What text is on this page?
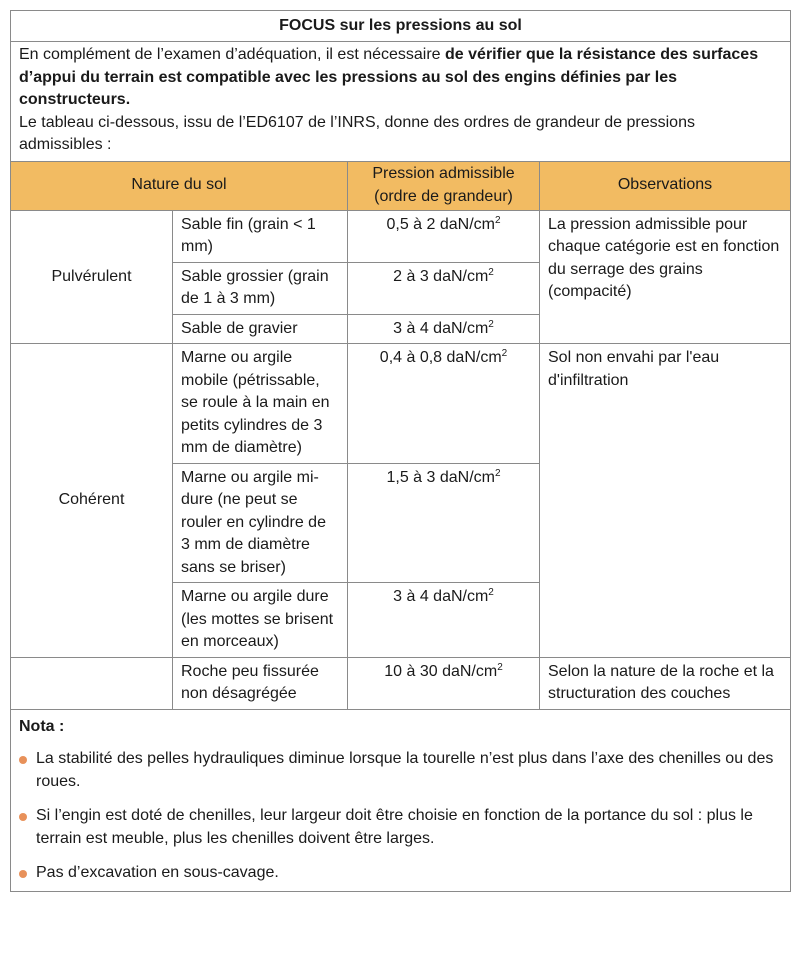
FOCUS sur les pressions au sol			
En complément de l’examen d’adéquation, il est nécessaire de vérifier que la résistance des surfaces d’appui du terrain est compatible avec les pressions au sol des engins définies par les constructeurs.
Le tableau ci-dessous, issu de l’ED6107 de l’INRS, donne des ordres de grandeur de pressions admissibles :			
Nature du sol		Pression admissible (ordre de grandeur)	Observations
Pulvérulent	Sable fin (grain < 1 mm)	0,5 à 2 daN/$cm^2$	La pression admissible pour chaque catégorie est en fonction du serrage des grains (compacité)
	Sable grossier (grain de 1 à 3 mm)	2 à 3 daN/$cm^2$
	Sable de gravier	3 à 4 daN/$cm^2$
Cohérent	Marne ou argile mobile (pétrissable, se roule à la main en petits cylindres de 3 mm de diamètre)	0,4 à 0,8 daN/$cm^2$	Sol non envahi par l'eau d'infiltration
	Marne ou argile mi-dure (ne peut se rouler en cylindre de 3 mm de diamètre sans se briser)	1,5 à 3 daN/$cm^2$
	Marne ou argile dure (les mottes se brisent en morceaux)	3 à 4 daN/$cm^2$
	Roche peu fissurée non désagrégée	10 à 30 daN/$cm^2$	Selon la nature de la roche et la structuration des couches

Nota :
La stabilité des pelles hydrauliques diminue lorsque la tourelle n’est plus dans l’axe des chenilles ou des roues.
Si l’engin est doté de chenilles, leur largeur doit être choisie en fonction de la portance du sol : plus le terrain est meuble, plus les chenilles doivent être larges.
Pas d’excavation en sous-cavage.			
